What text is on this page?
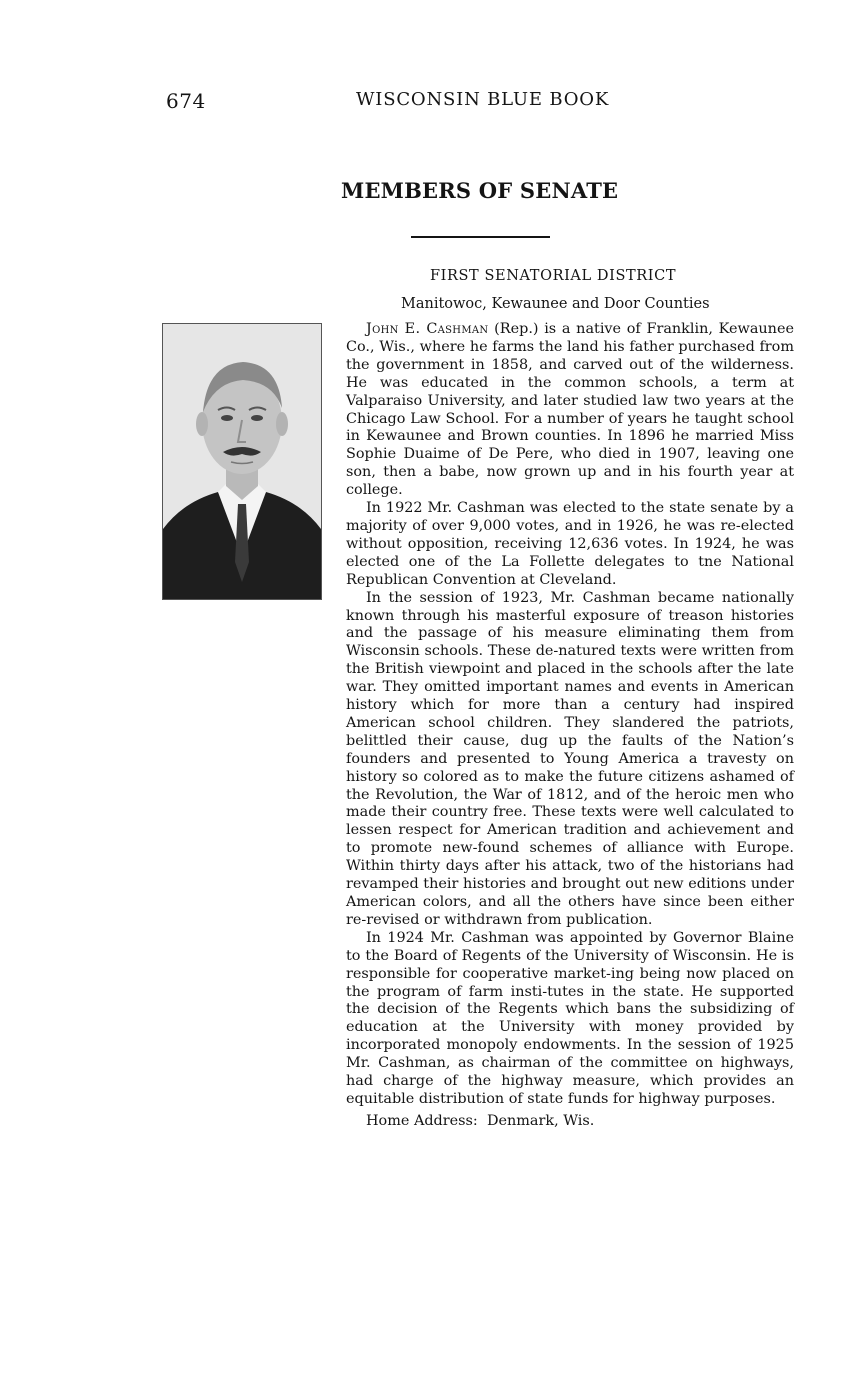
674	WISCONSIN BLUE BOOK
MEMBERS OF SENATE
FIRST SENATORIAL DISTRICT
Manitowoc, Kewaunee and Door Counties

John E. Cashman (Rep.) is a native of Franklin, Kewaunee Co., Wis., where he farms the land his father purchased from the government in 1858, and carved out of the wilderness. He was educated in the common schools, a term at Valparaiso University, and later studied law two years at the Chicago Law School. For a number of years he taught school in Kewaunee and Brown counties. In 1896 he married Miss Sophie Duaime of De Pere, who died in 1907, leaving one son, then a babe, now grown up and in his fourth year at college.

In 1922 Mr. Cashman was elected to the state senate by a majority of over 9,000 votes, and in 1926, he was re-elected without opposition, receiving 12,636 votes. In 1924, he was elected one of the La Follette delegates to tne National Republican Convention at Cleveland.

In the session of 1923, Mr. Cashman became nationally known through his masterful exposure of treason histories and the passage of his measure eliminating them from Wisconsin schools. These de-natured texts were written from the British viewpoint and placed in the schools after the late war. They omitted important names and events in American history which for more than a century had inspired American school children. They slandered the patriots, belittled their cause, dug up the faults of the Nation’s founders and presented to Young America a travesty on history so colored as to make the future citizens ashamed of the Revolution, the War of 1812, and of the heroic men who made their country free. These texts were well calculated to lessen respect for American tradition and achievement and to promote new-found schemes of alliance with Europe. Within thirty days after his attack, two of the historians had revamped their histories and brought out new editions under American colors, and all the others have since been either re-revised or withdrawn from publication.

In 1924 Mr. Cashman was appointed by Governor Blaine to the Board of Regents of the University of Wisconsin. He is responsible for cooperative market-ing being now placed on the program of farm insti-tutes in the state. He supported the decision of the Regents which bans the subsidizing of education at the University with money provided by incorporated monopoly endowments. In the session of 1925 Mr. Cashman, as chairman of the committee on highways, had charge of the highway measure, which provides an equitable distribution of state funds for highway purposes.

Home Address: Denmark, Wis.
